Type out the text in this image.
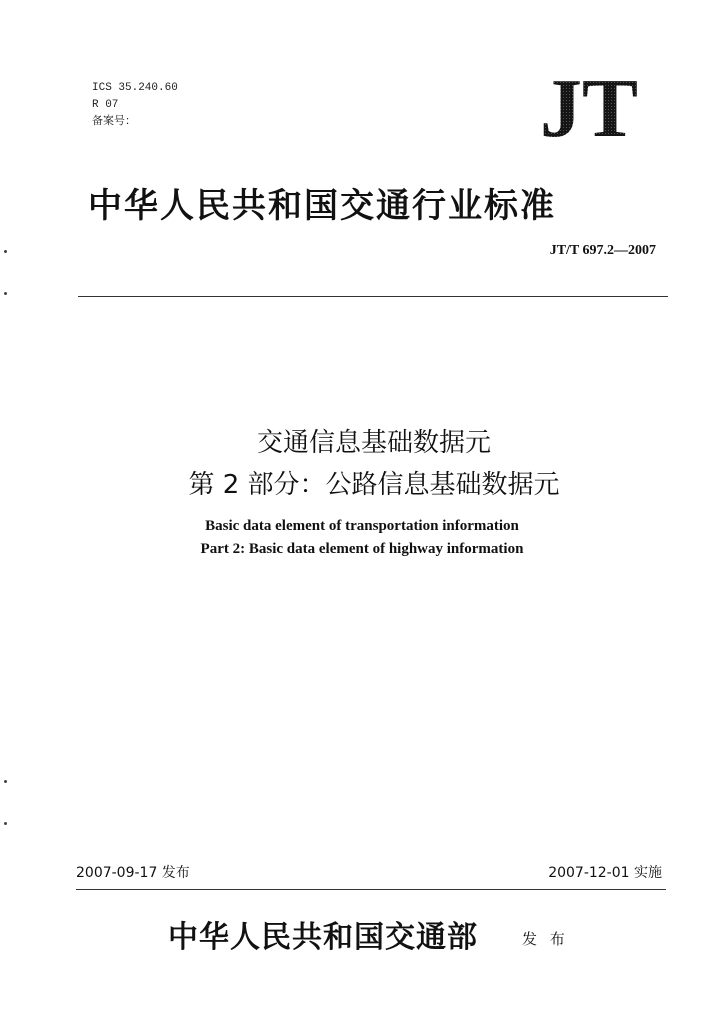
ICS 35.240.60
R 07
备案号：	JT
中华人民共和国交通行业标准
JT/T 697.2—2007
交通信息基础数据元
第 2 部分：公路信息基础数据元
Basic data element of transportation information
Part 2: Basic data element of highway information
2007-09-17 发布	2007-12-01 实施
中华人民共和国交通部	发 布
